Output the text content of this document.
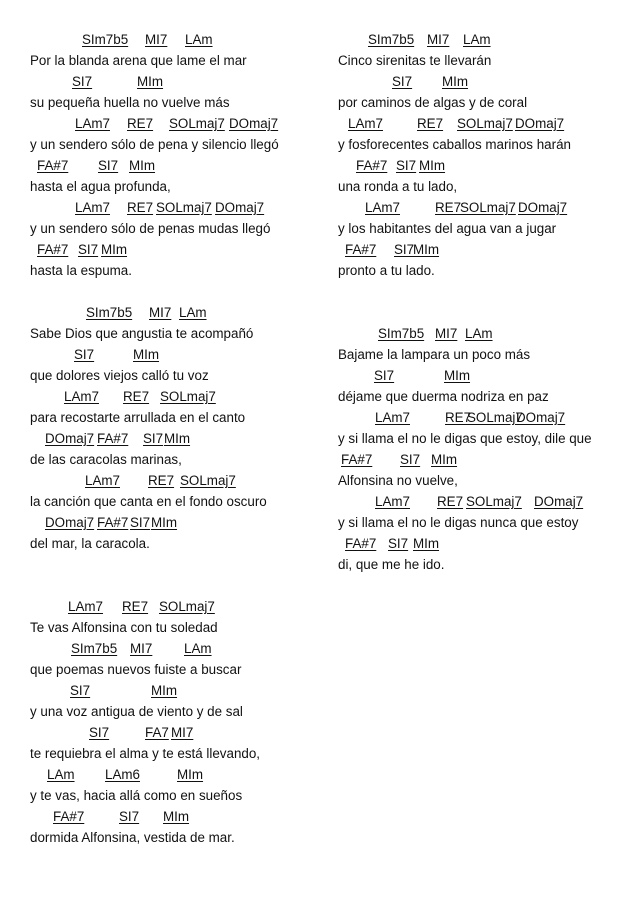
SIm7b5 MI7 LAm
Por la blanda arena que lame el mar
SI7	MIm
su pequeña huella no vuelve más
LAm7 RE7 SOLmaj7 DOmaj7
y un sendero sólo de pena y silencio llegó
FA#7 SI7 MIm
hasta el agua profunda,
LAm7 RE7 SOLmaj7 DOmaj7
y un sendero sólo de penas mudas llegó
FA#7 SI7 MIm
hasta la espuma.
SIm7b5 MI7 LAm
Sabe Dios que angustia te acompañó
SI7	MIm
que dolores viejos calló tu voz
LAm7 RE7 SOLmaj7
para recostarte arrullada en el canto
DOmaj7 FA#7 SI7 MIm
de las caracolas marinas,
LAm7 RE7 SOLmaj7
la canción que canta en el fondo oscuro
DOmaj7 FA#7 SI7 MIm
del mar, la caracola.
LAm7 RE7 SOLmaj7
Te vas Alfonsina con tu soledad
SIm7b5 MI7 LAm
que poemas nuevos fuiste a buscar
SI7	MIm
y una voz antigua de viento y de sal
SI7	FA7 MI7
te requiebra el alma y te está llevando,
LAm LAm6	MIm
y te vas, hacia allá como en sueños
FA#7	SI7 MIm
dormida Alfonsina, vestida de mar.
SIm7b5 MI7 LAm
Cinco sirenitas te llevarán
SI7 MIm
por caminos de algas y de coral
LAm7	RE7 SOLmaj7 DOmaj7
y fosforecentes caballos marinos harán
FA#7 SI7 MIm
una ronda a tu lado,
LAm7	RE7
SOLmaj7 DOmaj7
y los habitantes del agua van a jugar
FA#7 SI7
MIm
pronto a tu lado.
SIm7b5 MI7 LAm
Bajame la lampara un poco más
SI7	MIm
déjame que duerma nodriza en paz
LAm7	RE7
SOLmaj7
DOmaj7
y si llama el no le digas que estoy, dile que
FA#7 SI7 MIm
Alfonsina no vuelve,
LAm7 RE7 SOLmaj7 DOmaj7
y si llama el no le digas nunca que estoy
FA#7 SI7 MIm
di, que me he ido.
